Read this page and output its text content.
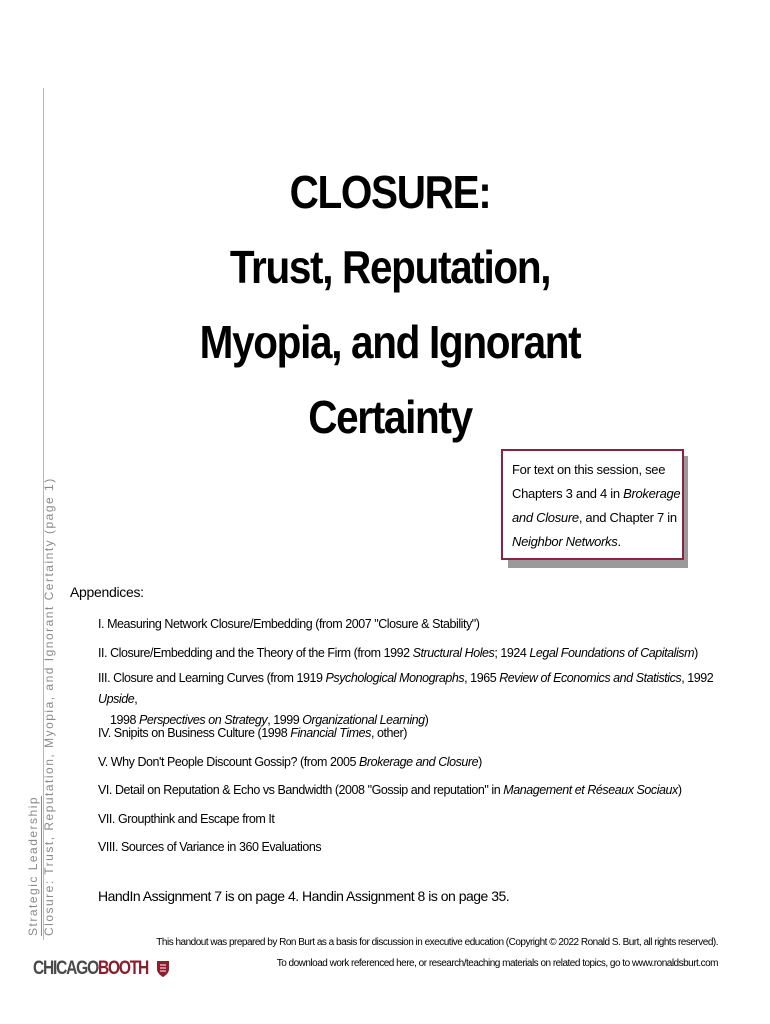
Strategic Leadership Closure: Trust, Reputation, Myopia, and Ignorant Certainty (page 1)
CLOSURE:
Trust, Reputation,
Myopia, and Ignorant Certainty
For text on this session, see Chapters 3 and 4 in Brokerage and Closure, and Chapter 7 in Neighbor Networks.
Appendices:
I. Measuring Network Closure/Embedding (from 2007 "Closure & Stability")
II. Closure/Embedding and the Theory of the Firm (from 1992 Structural Holes; 1924 Legal Foundations of Capitalism)
III. Closure and Learning Curves (from 1919 Psychological Monographs, 1965 Review of Economics and Statistics, 1992 Upside,
1998 Perspectives on Strategy, 1999 Organizational Learning)
IV. Snipits on Business Culture (1998 Financial Times, other)
V. Why Don't People Discount Gossip? (from 2005 Brokerage and Closure)
VI. Detail on Reputation & Echo vs Bandwidth (2008 "Gossip and reputation" in Management et Réseaux Sociaux)
VII. Groupthink and Escape from It
VIII. Sources of Variance in 360 Evaluations
HandIn Assignment 7 is on page 4. Handin Assignment 8 is on page 35.
This handout was prepared by Ron Burt as a basis for discussion in executive education (Copyright © 2022 Ronald S. Burt, all rights reserved).
To download work referenced here, or research/teaching materials on related topics, go to www.ronaldsburt.com
CHICAGOBOOTH
